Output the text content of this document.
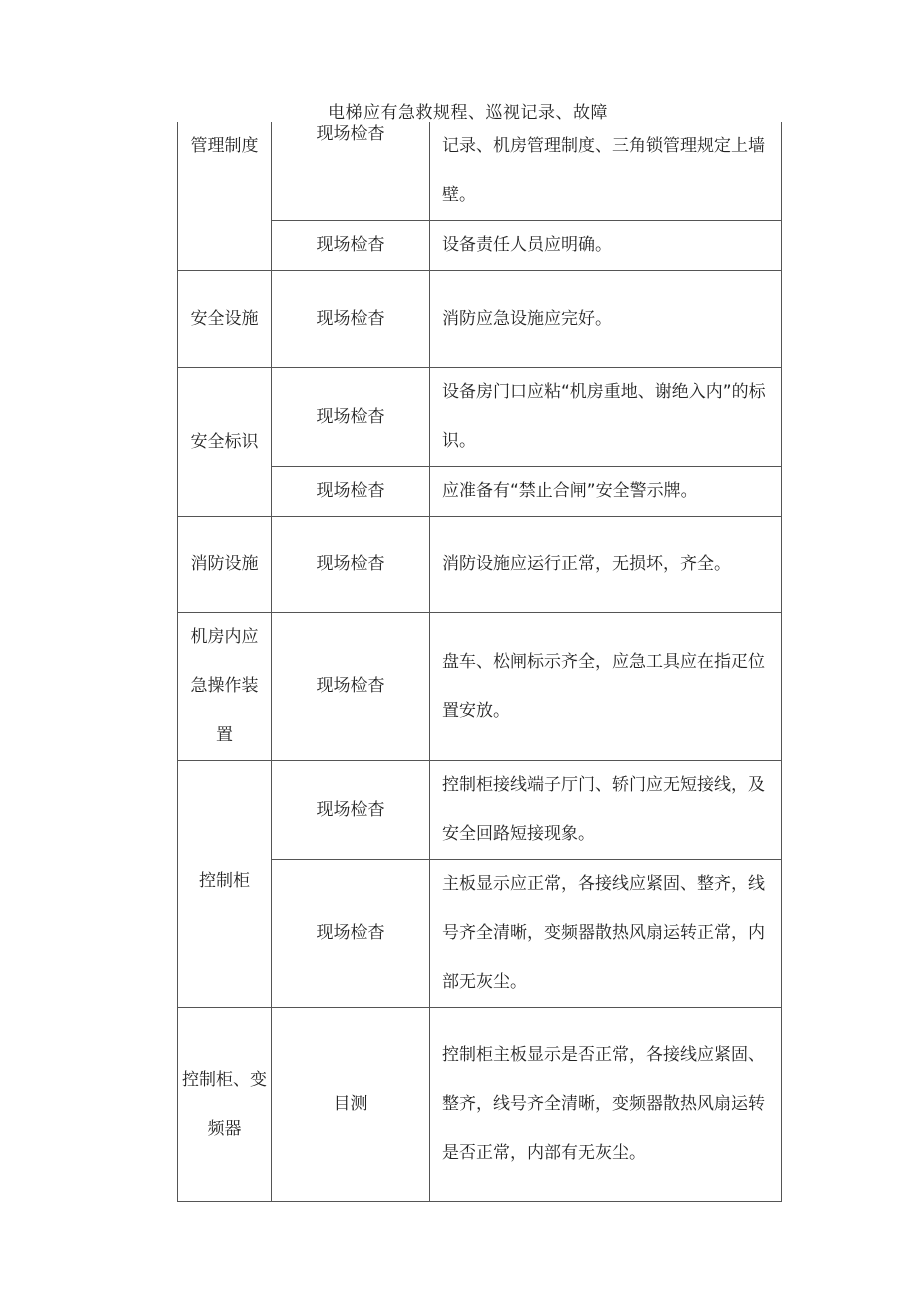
电梯应有急救规程、巡视记录、故障
管理制度	现场检杳	记录、机房管理制度、三角锁管理规定上墙壁。

	现场检杳	设备责任人员应明确。

安全设施	现场检杳	消防应急设施应完好。

安全标识	现场检杳	设备房门口应粘“机房重地、谢绝入内”的标识。

	现场检杳	应准备有“禁止合闸”安全警示牌。

消防设施	现场检杳	消防设施应运行正常，无损坏，齐全。

机房内应急操作装置	现场检杳	盘车、松闸标示齐全，应急工具应在指疋位置安放。

控制柜	现场检杳	控制柜接线端子厅门、轿门应无短接线，及安全回路短接现象。

	现场检杳	主板显示应正常，各接线应紧固、整齐，线号齐全清晰，变频器散热风扇运转正常，内部无灰尘。

控制柜、变频器	目测	控制柜主板显示是否正常，各接线应紧固、整齐，线号齐全清晰，变频器散热风扇运转是否正常，内部有无灰尘。
